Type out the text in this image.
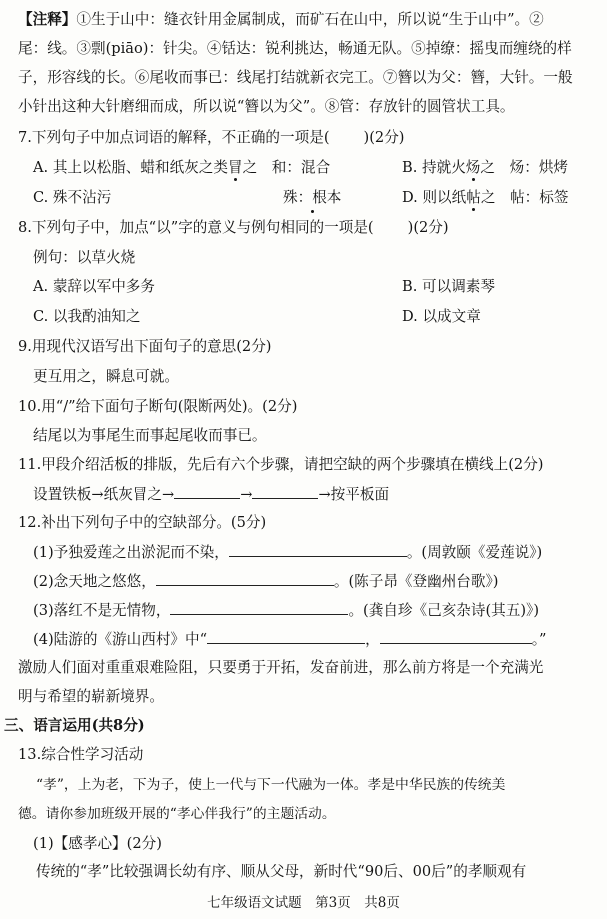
【注释】①生于山中：缝衣针用金属制成，而矿石在山中，所以说“生于山中”。②
尾：线。③剽(piāo)：针尖。④铦达：锐利挑达，畅通无队。⑤掉缭：摇曳而缠绕的样
子，形容线的长。⑥尾收而事已：线尾打结就新衣完工。⑦簪以为父：簪，大针。一般
小针出这种大针磨细而成，所以说“簪以为父”。⑧管：存放针的圆管状工具。
7.下列句子中加点词语的解释，不正确的一项是( )(2分)
A. 其上以松脂、蜡和纸灰之类冒之　 和：混合	B. 持就火炀之　 炀：烘烤
C. 殊不沾污	殊：根本	D. 则以纸帖之　 帖：标签
8.下列句子中，加点“以”字的意义与例句相同的一项是( )(2分)
例句：以草火烧
A. 蒙辞以军中多务	B. 可以调素琴
C. 以我酌油知之	D. 以成文章
9.用现代汉语写出下面句子的意思(2分)
更互用之，瞬息可就。
10.用“/”给下面句子断句(限断两处)。(2分)
结尾以为事尾生而事起尾收而事已。
11.甲段介绍活板的排版，先后有六个步骤，请把空缺的两个步骤填在横线上(2分)
设置铁板→纸灰冒之→	→	→按平板面
12.补出下列句子中的空缺部分。(5分)
(1)予独爱莲之出淤泥而不染，	。(周敦颐《爱莲说》)
(2)念天地之悠悠，	。(陈子昂《登幽州台歌》)
(3)落红不是无情物，	。(龚自珍《己亥杂诗(其五)》)
(4)陆游的《游山西村》中“	，	。”
激励人们面对重重艰难险阻，只要勇于开拓，发奋前进，那么前方将是一个充满光
明与希望的崭新境界。
三、语言运用(共8分)
13.综合性学习活动
“孝”，上为老，下为子，使上一代与下一代融为一体。孝是中华民族的传统美
德。请你参加班级开展的“孝心伴我行”的主题活动。
(1)【感孝心】(2分)
传统的“孝”比较强调长幼有序、顺从父母，新时代“90后、00后”的孝顺观有
七年级语文试题　第3页　共8页
